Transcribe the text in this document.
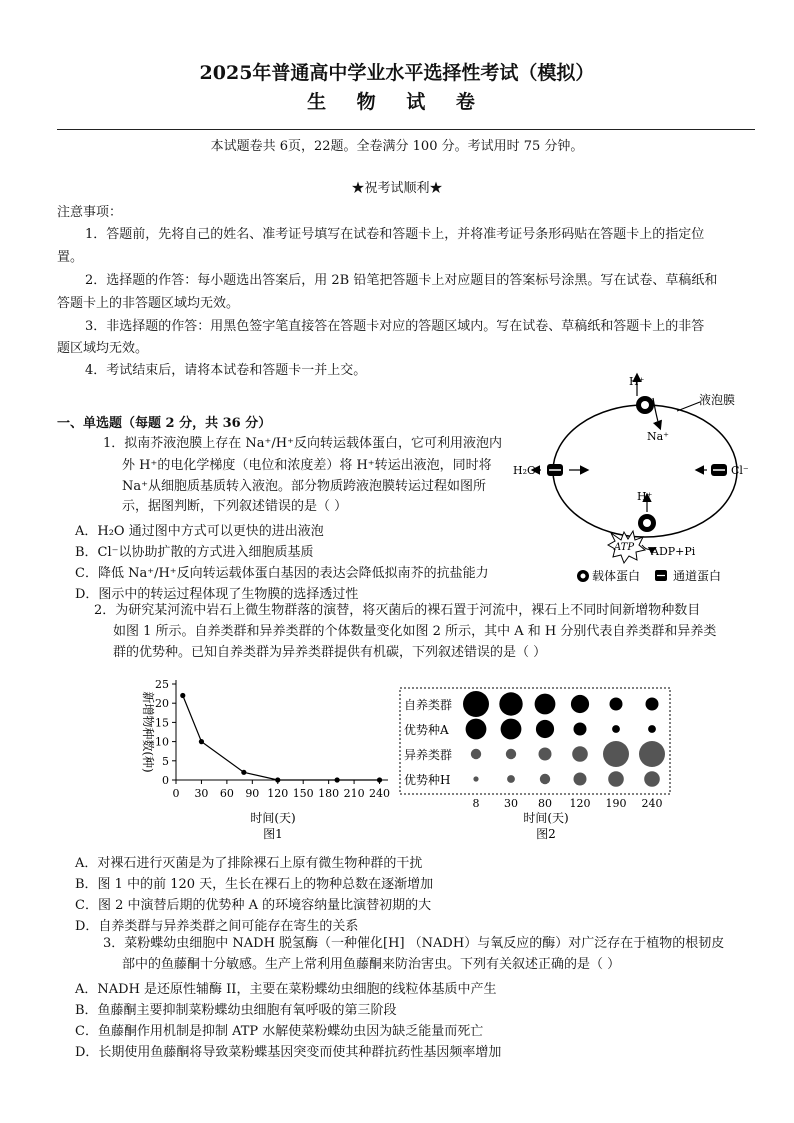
2025年普通高中学业水平选择性考试（模拟）
生 物 试 卷
本试题卷共 6页，22题。全卷满分 100 分。考试用时 75 分钟。
★祝考试顺利★
注意事项：
1．答题前，先将自己的姓名、准考证号填写在试卷和答题卡上，并将准考证号条形码贴在答题卡上的指定位
置。
2．选择题的作答：每小题选出答案后，用 2B 铅笔把答题卡上对应题目的答案标号涂黑。写在试卷、草稿纸和
答题卡上的非答题区域均无效。
3．非选择题的作答：用黑色签字笔直接答在答题卡对应的答题区域内。写在试卷、草稿纸和答题卡上的非答
题区域均无效。
4．考试结束后，请将本试卷和答题卡一并上交。
一、单选题（每题 2 分，共 36 分）
1．拟南芥液泡膜上存在 Na⁺/H⁺反向转运载体蛋白，它可利用液泡内
外 H⁺的电化学梯度（电位和浓度差）将 H⁺转运出液泡，同时将
Na⁺从细胞质基质转入液泡。部分物质跨液泡膜转运过程如图所
示，据图判断，下列叙述错误的是（ ）
A．H₂O 通过图中方式可以更快的进出液泡
B．Cl⁻以协助扩散的方式进入细胞质基质
C．降低 Na⁺/H⁺反向转运载体蛋白基因的表达会降低拟南芥的抗盐能力
D．图示中的转运过程体现了生物膜的选择透过性
液泡膜
H⁺
Na⁺
H₂O	Cl⁻
H⁺
ATP ADP+Pi
载体蛋白	通道蛋白
2．为研究某河流中岩石上微生物群落的演替，将灭菌后的裸石置于河流中，裸石上不同时间新增物种数目
如图 1 所示。自养类群和异养类群的个体数量变化如图 2 所示，其中 A 和 H 分别代表自养类群和异养类
群的优势种。已知自养类群为异养类群提供有机碳，下列叙述错误的是（ ）
0
5
10
15
20
25
0 30 60 90 120 150 180 210 240
新增物种数(种)
时间(天)
图1
自养类群
优势种A
异养类群
优势种H
8 30 80 120 190 240
时间(天)
图2
A．对裸石进行灭菌是为了排除裸石上原有微生物种群的干扰
B．图 1 中的前 120 天，生长在裸石上的物种总数在逐渐增加
C．图 2 中演替后期的优势种 A 的环境容纳量比演替初期的大
D．自养类群与异养类群之间可能存在寄生的关系
3．菜粉蝶幼虫细胞中 NADH 脱氢酶（一种催化[H] （NADH）与氧反应的酶）对广泛存在于植物的根韧皮
部中的鱼藤酮十分敏感。生产上常利用鱼藤酮来防治害虫。下列有关叙述正确的是（ ）
A．NADH 是还原性辅酶 II，主要在菜粉蝶幼虫细胞的线粒体基质中产生
B．鱼藤酮主要抑制菜粉蝶幼虫细胞有氧呼吸的第三阶段
C．鱼藤酮作用机制是抑制 ATP 水解使菜粉蝶幼虫因为缺乏能量而死亡
D．长期使用鱼藤酮将导致菜粉蝶基因突变而使其种群抗药性基因频率增加
